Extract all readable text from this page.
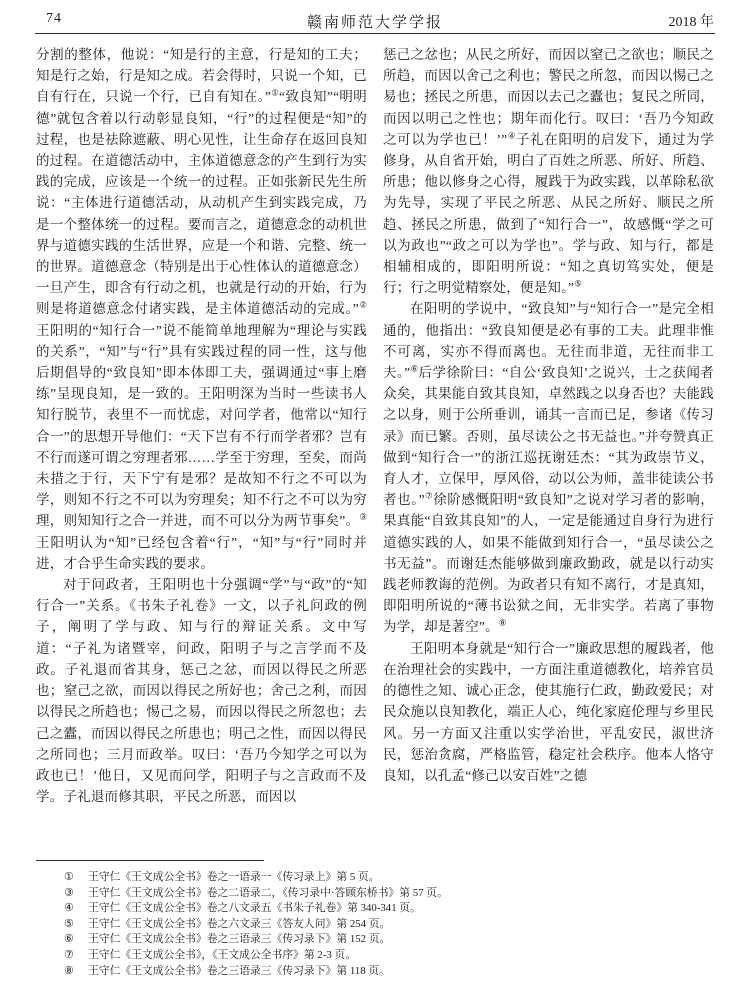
74	赣南师范大学学报	2018 年

分割的整体，他说：“知是行的主意，行是知的工夫；知是行之始，行是知之成。若会得时，只说一个知，已自有行在，只说一个行，已自有知在。”①“致良知”“明明德”就包含着以行动彰显良知，“行”的过程便是“知”的过程，也是祛除遮蔽、明心见性，让生命存在返回良知的过程。在道德活动中，主体道德意念的产生到行为实践的完成，应该是一个统一的过程。正如张新民先生所说：“主体进行道德活动，从动机产生到实践完成，乃是一个整体统一的过程。要而言之，道德意念的动机世界与道德实践的生活世界，应是一个和谐、完整、统一的世界。道德意念（特别是出于心性体认的道德意念）一旦产生，即含有行动之机，也就是行动的开始，行为则是将道德意念付诸实践，是主体道德活动的完成。”② 王阳明的“知行合一”说不能简单地理解为“理论与实践的关系”，“知”与“行”具有实践过程的同一性，这与他后期倡导的“致良知”即本体即工夫，强调通过“事上磨练”呈现良知，是一致的。王阳明深为当时一些读书人知行脱节，表里不一而忧虑，对问学者，他常以“知行合一”的思想开导他们：“天下岂有不行而学者邪？岂有不行而遂可谓之穷理者邪……学至于穷理，至矣，而尚未措之于行，天下宁有是邪？是故知不行之不可以为学，则知不行之不可以为穷理矣；知不行之不可以为穷理，则知知行之合一并进，而不可以分为两节事矣”。③ 王阳明认为“知”已经包含着“行”，“知”与“行”同时并进，才合乎生命实践的要求。

对于问政者，王阳明也十分强调“学”与“政”的“知行合一”关系。《书朱子礼卷》一文，以子礼问政的例子，阐明了学与政、知与行的辩证关系。文中写道：“子礼为诸暨宰，问政，阳明子与之言学而不及政。子礼退而省其身，惩己之忿，而因以得民之所恶也；窒己之欲，而因以得民之所好也；舍己之利，而因以得民之所趋也；惕己之易，而因以得民之所忽也；去己之蠹，而因以得民之所患也；明己之性，而因以得民之所同也；三月而政举。叹曰：‘吾乃今知学之可以为政也已！’他日，又见而问学，阳明子与之言政而不及学。子礼退而修其职，平民之所恶，而因以

惩己之忿也；从民之所好，而因以窒己之欲也；顺民之所趋，而因以舍己之利也；警民之所忽，而因以惕己之易也；拯民之所患，而因以去己之蠹也；复民之所同，而因以明己之性也；期年而化行。叹曰：‘吾乃今知政之可以为学也已！’”④子礼在阳明的启发下，通过为学修身，从自省开始，明白了百姓之所恶、所好、所趋、所患；他以修身之心得，履践于为政实践，以革除私欲为先导，实现了平民之所恶、从民之所好、顺民之所趋、拯民之所患，做到了“知行合一”，故感慨“学之可以为政也”“政之可以为学也”。学与政、知与行，都是相辅相成的，即阳明所说：“知之真切笃实处，便是行；行之明觉精察处，便是知。”⑤

在阳明的学说中，“致良知”与“知行合一”是完全相通的，他指出：“致良知便是必有事的工夫。此理非惟不可离，实亦不得而离也。无往而非道，无往而非工夫。”⑥后学徐阶曰：“自公‘致良知’之说兴，士之获闻者众矣，其果能自致其良知，卓然践之以身否也？夫能践之以身，则于公所垂训，诵其一言而已足，参诸《传习录》而已繁。否则，虽尽读公之书无益也。”并夸赞真正做到“知行合一”的浙江巡抚谢廷杰：“其为政崇节义，育人才，立保甲，厚风俗，动以公为师，盖非徒读公书者也。”⑦徐阶感慨阳明“致良知”之说对学习者的影响，果真能“自致其良知”的人，一定是能通过自身行为进行道德实践的人，如果不能做到知行合一，“虽尽读公之书无益”。而谢廷杰能够做到廉政勤政，就是以行动实践老师教诲的范例。为政者只有知不离行，才是真知，即阳明所说的“薄书讼狱之间，无非实学。若离了事物为学，却是著空”。⑧

王阳明本身就是“知行合一”廉政思想的履践者，他在治理社会的实践中，一方面注重道德教化，培养官员的德性之知、诚心正念，使其施行仁政，勤政爱民；对民众施以良知教化，端正人心，纯化家庭伦理与乡里民风。另一方面又注重以实学治世，平乱安民，淑世济民，惩治贪腐，严格监管，稳定社会秩序。他本人恪守良知，以孔孟“修己以安百姓”之德

①	王守仁《王文成公全书》卷之一语录一《传习录上》第 5 页。
③	王守仁《王文成公全书》卷之二语录二，《传习录中·答顾东桥书》第 57 页。
④	王守仁《王文成公全书》卷之八文录五《书朱子礼卷》第 340-341 页。
⑤	王守仁《王文成公全书》卷之六文录三《答友人问》第 254 页。
⑥	王守仁《王文成公全书》卷之三语录三《传习录下》第 152 页。
⑦	王守仁《王文成公全书》，《王文成公全书序》第 2-3 页。
⑧	王守仁《王文成公全书》卷之三语录三《传习录下》第 118 页。
